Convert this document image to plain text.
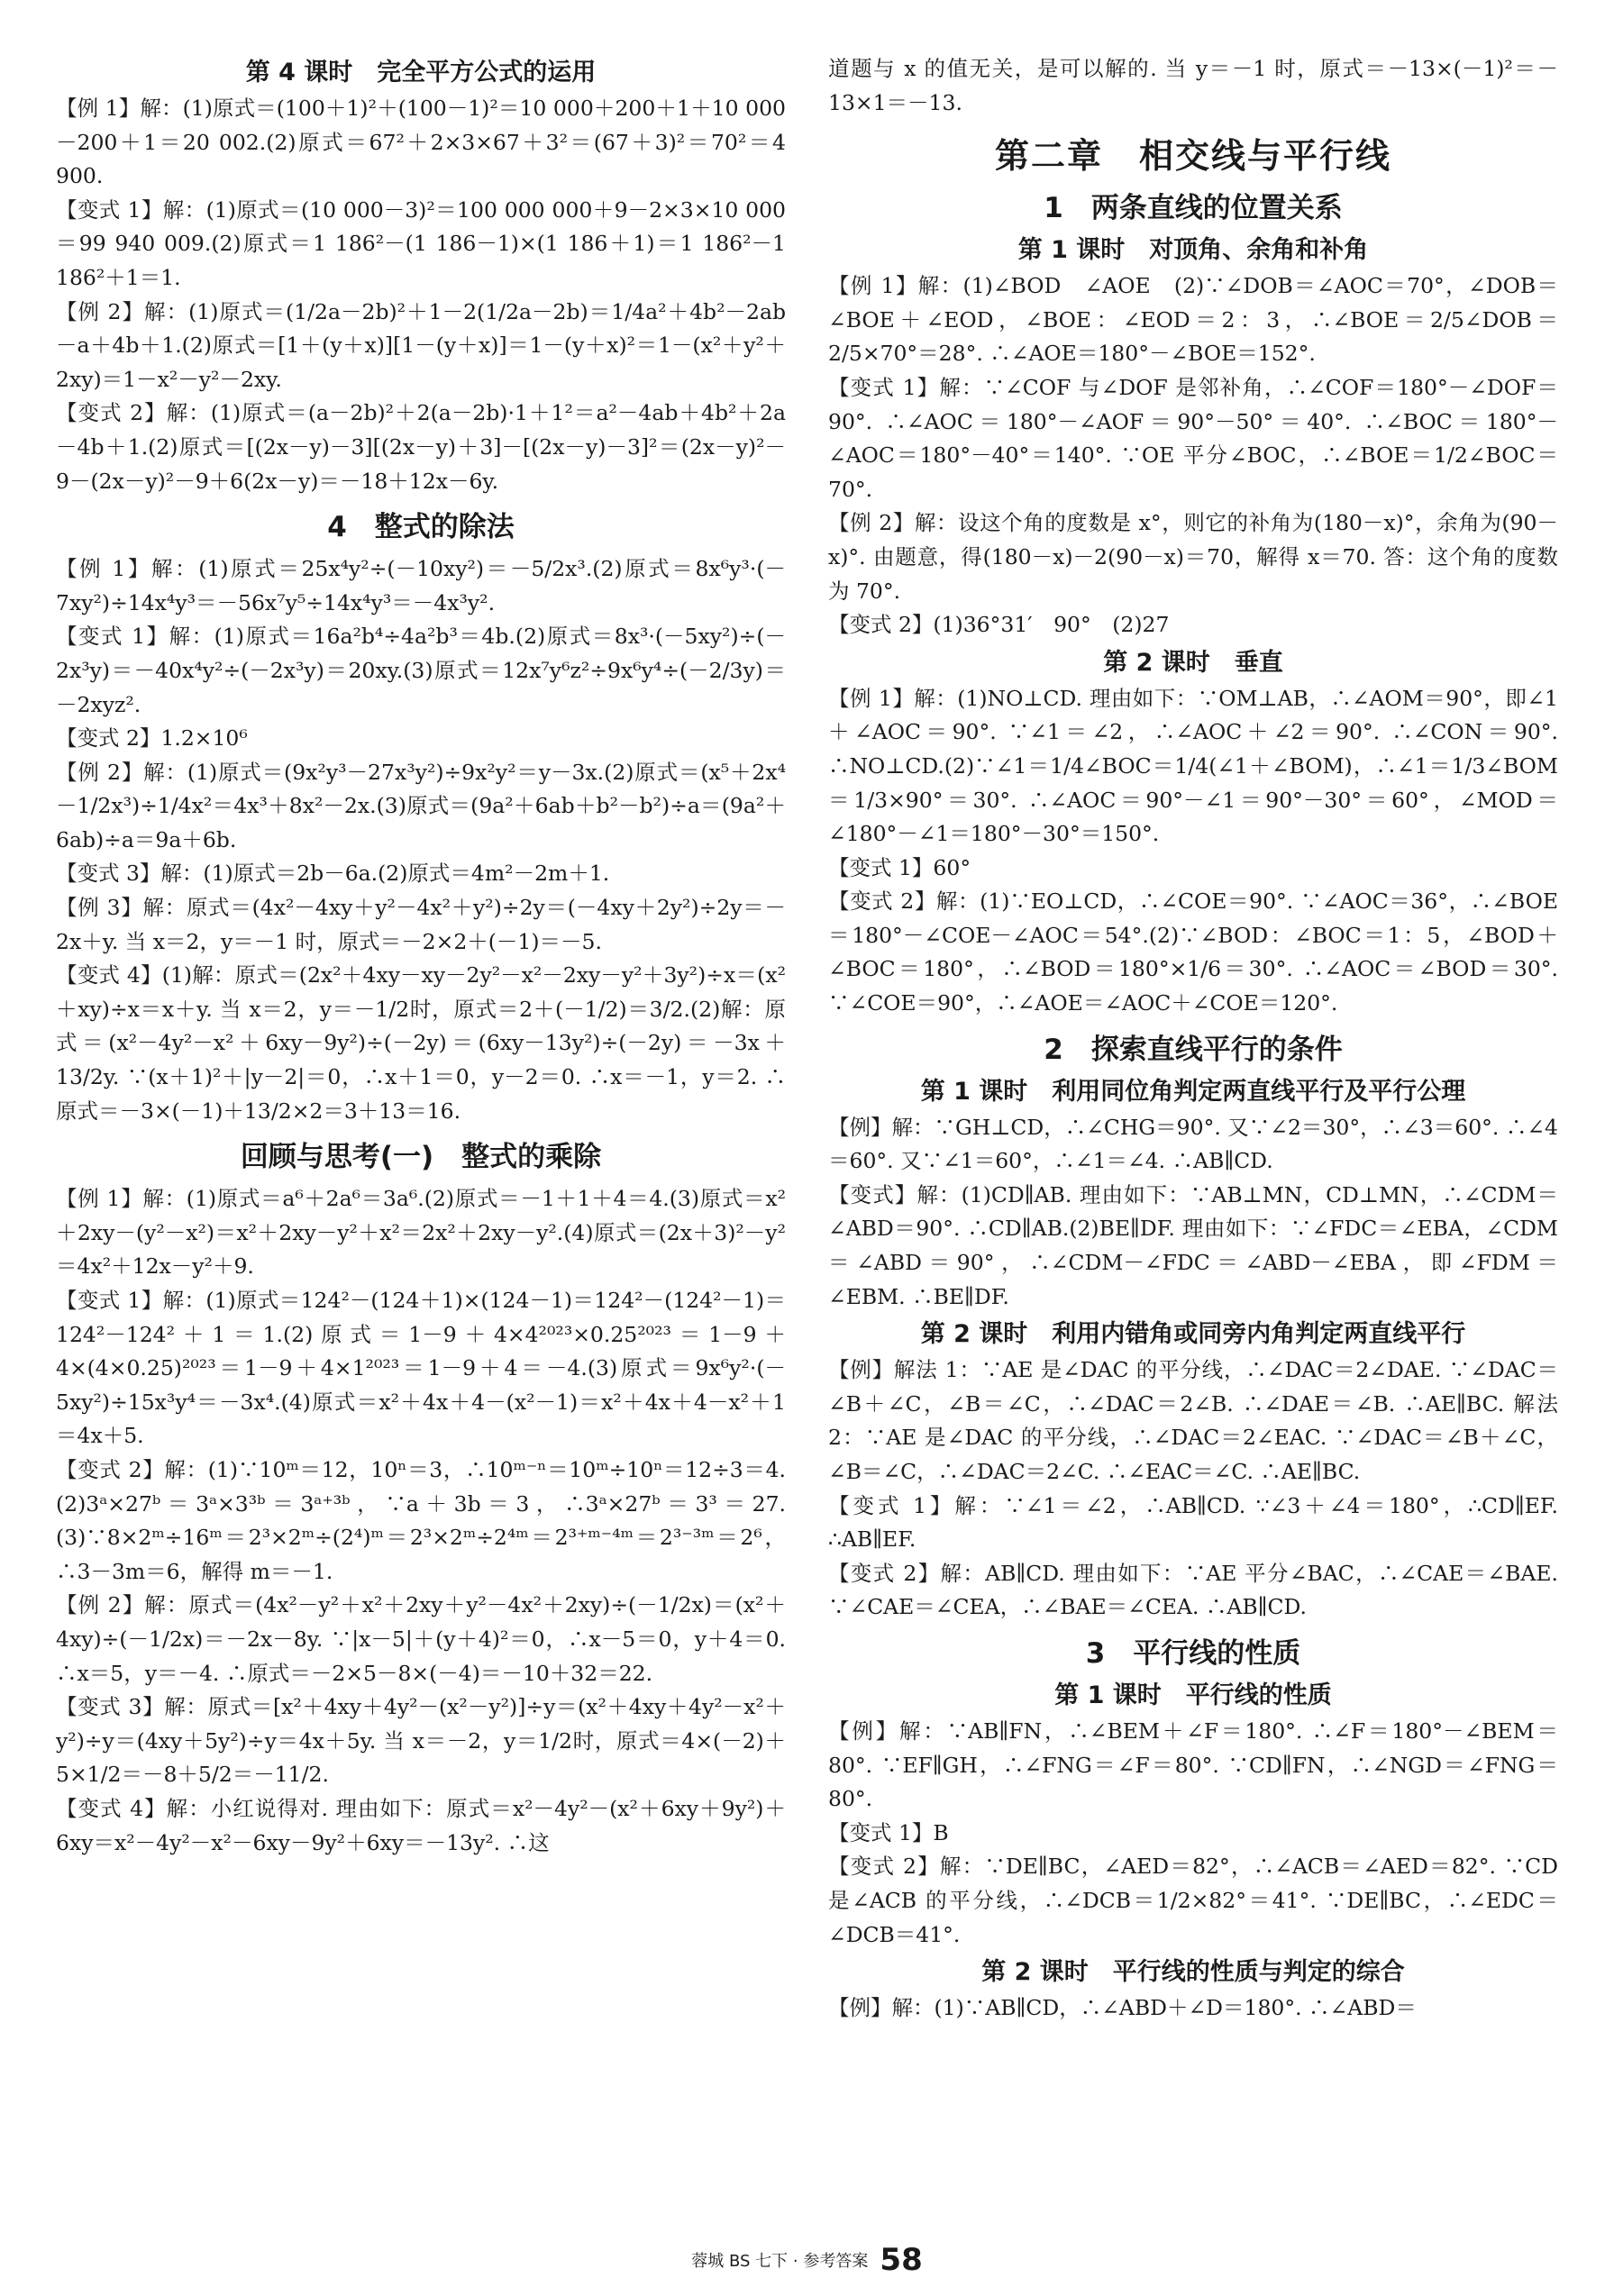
第 4 课时　完全平方公式的运用

【例 1】解：(1)原式＝(100＋1)²＋(100－1)²＝10 000＋200＋1＋10 000－200＋1＝20 002.(2)原式＝67²＋2×3×67＋3²＝(67＋3)²＝70²＝4 900.

【变式 1】解：(1)原式＝(10 000－3)²＝100 000 000＋9－2×3×10 000＝99 940 009.(2)原式＝1 186²－(1 186－1)×(1 186＋1)＝1 186²－1 186²＋1＝1.

【例 2】解：(1)原式＝(1/2a－2b)²＋1－2(1/2a－2b)＝1/4a²＋4b²－2ab－a＋4b＋1.(2)原式＝[1＋(y＋x)][1－(y＋x)]＝1－(y＋x)²＝1－(x²＋y²＋2xy)＝1－x²－y²－2xy.

【变式 2】解：(1)原式＝(a－2b)²＋2(a－2b)·1＋1²＝a²－4ab＋4b²＋2a－4b＋1.(2)原式＝[(2x－y)－3][(2x－y)＋3]－[(2x－y)－3]²＝(2x－y)²－9－(2x－y)²－9＋6(2x－y)＝－18＋12x－6y.

4　整式的除法

【例 1】解：(1)原式＝25x⁴y²÷(－10xy²)＝－5/2x³.(2)原式＝8x⁶y³·(－7xy²)÷14x⁴y³＝－56x⁷y⁵÷14x⁴y³＝－4x³y².

【变式 1】解：(1)原式＝16a²b⁴÷4a²b³＝4b.(2)原式＝8x³·(－5xy²)÷(－2x³y)＝－40x⁴y²÷(－2x³y)＝20xy.(3)原式＝12x⁷y⁶z²÷9x⁶y⁴÷(－2/3y)＝－2xyz².

【变式 2】1.2×10⁶

【例 2】解：(1)原式＝(9x²y³－27x³y²)÷9x²y²＝y－3x.(2)原式＝(x⁵＋2x⁴－1/2x³)÷1/4x²＝4x³＋8x²－2x.(3)原式＝(9a²＋6ab＋b²－b²)÷a＝(9a²＋6ab)÷a＝9a＋6b.

【变式 3】解：(1)原式＝2b－6a.(2)原式＝4m²－2m＋1.

【例 3】解：原式＝(4x²－4xy＋y²－4x²＋y²)÷2y＝(－4xy＋2y²)÷2y＝－2x＋y. 当 x＝2，y＝－1 时，原式＝－2×2＋(－1)＝－5.

【变式 4】(1)解：原式＝(2x²＋4xy－xy－2y²－x²－2xy－y²＋3y²)÷x＝(x²＋xy)÷x＝x＋y. 当 x＝2，y＝－1/2时，原式＝2＋(－1/2)＝3/2.(2)解：原式＝(x²－4y²－x²＋6xy－9y²)÷(－2y)＝(6xy－13y²)÷(－2y)＝－3x＋13/2y. ∵(x＋1)²＋|y－2|＝0，∴x＋1＝0，y－2＝0. ∴x＝－1，y＝2. ∴原式＝－3×(－1)＋13/2×2＝3＋13＝16.

回顾与思考(一)　整式的乘除

【例 1】解：(1)原式＝a⁶＋2a⁶＝3a⁶.(2)原式＝－1＋1＋4＝4.(3)原式＝x²＋2xy－(y²－x²)＝x²＋2xy－y²＋x²＝2x²＋2xy－y².(4)原式＝(2x＋3)²－y²＝4x²＋12x－y²＋9.

【变式 1】解：(1)原式＝124²－(124＋1)×(124－1)＝124²－(124²－1)＝124²－124²＋1＝1.(2)原式＝1－9＋4×4²⁰²³×0.25²⁰²³＝1－9＋4×(4×0.25)²⁰²³＝1－9＋4×1²⁰²³＝1－9＋4＝－4.(3)原式＝9x⁶y²·(－5xy²)÷15x³y⁴＝－3x⁴.(4)原式＝x²＋4x＋4－(x²－1)＝x²＋4x＋4－x²＋1＝4x＋5.

【变式 2】解：(1)∵10ᵐ＝12，10ⁿ＝3，∴10ᵐ⁻ⁿ＝10ᵐ÷10ⁿ＝12÷3＝4.(2)3ᵃ×27ᵇ＝3ᵃ×3³ᵇ＝3ᵃ⁺³ᵇ，∵a＋3b＝3，∴3ᵃ×27ᵇ＝3³＝27.(3)∵8×2ᵐ÷16ᵐ＝2³×2ᵐ÷(2⁴)ᵐ＝2³×2ᵐ÷2⁴ᵐ＝2³⁺ᵐ⁻⁴ᵐ＝2³⁻³ᵐ＝2⁶，∴3－3m＝6，解得 m＝－1.

【例 2】解：原式＝(4x²－y²＋x²＋2xy＋y²－4x²＋2xy)÷(－1/2x)＝(x²＋4xy)÷(－1/2x)＝－2x－8y. ∵|x－5|＋(y＋4)²＝0，∴x－5＝0，y＋4＝0. ∴x＝5，y＝－4. ∴原式＝－2×5－8×(－4)＝－10＋32＝22.

【变式 3】解：原式＝[x²＋4xy＋4y²－(x²－y²)]÷y＝(x²＋4xy＋4y²－x²＋y²)÷y＝(4xy＋5y²)÷y＝4x＋5y. 当 x＝－2，y＝1/2时，原式＝4×(－2)＋5×1/2＝－8＋5/2＝－11/2.

【变式 4】解：小红说得对. 理由如下：原式＝x²－4y²－(x²＋6xy＋9y²)＋6xy＝x²－4y²－x²－6xy－9y²＋6xy＝－13y². ∴这

道题与 x 的值无关，是可以解的. 当 y＝－1 时，原式＝－13×(－1)²＝－13×1＝－13.

第二章　相交线与平行线
1　两条直线的位置关系
第 1 课时　对顶角、余角和补角

【例 1】解：(1)∠BOD　∠AOE　(2)∵∠DOB＝∠AOC＝70°，∠DOB＝∠BOE＋∠EOD，∠BOE：∠EOD＝2：3，∴∠BOE＝2/5∠DOB＝2/5×70°＝28°. ∴∠AOE＝180°－∠BOE＝152°.

【变式 1】解：∵∠COF 与∠DOF 是邻补角，∴∠COF＝180°－∠DOF＝90°. ∴∠AOC＝180°－∠AOF＝90°－50°＝40°. ∴∠BOC＝180°－∠AOC＝180°－40°＝140°. ∵OE 平分∠BOC，∴∠BOE＝1/2∠BOC＝70°.

【例 2】解：设这个角的度数是 x°，则它的补角为(180－x)°，余角为(90－x)°. 由题意，得(180－x)－2(90－x)＝70，解得 x＝70. 答：这个角的度数为 70°.

【变式 2】(1)36°31′　90°　(2)27

第 2 课时　垂直

【例 1】解：(1)NO⊥CD. 理由如下：∵OM⊥AB，∴∠AOM＝90°，即∠1＋∠AOC＝90°. ∵∠1＝∠2，∴∠AOC＋∠2＝90°. ∴∠CON＝90°. ∴NO⊥CD.(2)∵∠1＝1/4∠BOC＝1/4(∠1＋∠BOM)，∴∠1＝1/3∠BOM＝1/3×90°＝30°. ∴∠AOC＝90°－∠1＝90°－30°＝60°，∠MOD＝∠180°－∠1＝180°－30°＝150°.

【变式 1】60°

【变式 2】解：(1)∵EO⊥CD，∴∠COE＝90°. ∵∠AOC＝36°，∴∠BOE＝180°－∠COE－∠AOC＝54°.(2)∵∠BOD：∠BOC＝1：5，∠BOD＋∠BOC＝180°，∴∠BOD＝180°×1/6＝30°. ∴∠AOC＝∠BOD＝30°. ∵∠COE＝90°，∴∠AOE＝∠AOC＋∠COE＝120°.

2　探索直线平行的条件
第 1 课时　利用同位角判定两直线平行及平行公理

【例】解：∵GH⊥CD，∴∠CHG＝90°. 又∵∠2＝30°，∴∠3＝60°. ∴∠4＝60°. 又∵∠1＝60°，∴∠1＝∠4. ∴AB∥CD.

【变式】解：(1)CD∥AB. 理由如下：∵AB⊥MN，CD⊥MN，∴∠CDM＝∠ABD＝90°. ∴CD∥AB.(2)BE∥DF. 理由如下：∵∠FDC＝∠EBA，∠CDM＝∠ABD＝90°，∴∠CDM－∠FDC＝∠ABD－∠EBA，即∠FDM＝∠EBM. ∴BE∥DF.

第 2 课时　利用内错角或同旁内角判定两直线平行

【例】解法 1：∵AE 是∠DAC 的平分线，∴∠DAC＝2∠DAE. ∵∠DAC＝∠B＋∠C，∠B＝∠C，∴∠DAC＝2∠B. ∴∠DAE＝∠B. ∴AE∥BC. 解法 2：∵AE 是∠DAC 的平分线，∴∠DAC＝2∠EAC. ∵∠DAC＝∠B＋∠C，∠B＝∠C，∴∠DAC＝2∠C. ∴∠EAC＝∠C. ∴AE∥BC.

【变式 1】解：∵∠1＝∠2，∴AB∥CD. ∵∠3＋∠4＝180°，∴CD∥EF. ∴AB∥EF.

【变式 2】解：AB∥CD. 理由如下：∵AE 平分∠BAC，∴∠CAE＝∠BAE. ∵∠CAE＝∠CEA，∴∠BAE＝∠CEA. ∴AB∥CD.

3　平行线的性质
第 1 课时　平行线的性质

【例】解：∵AB∥FN，∴∠BEM＋∠F＝180°. ∴∠F＝180°－∠BEM＝80°. ∵EF∥GH，∴∠FNG＝∠F＝80°. ∵CD∥FN，∴∠NGD＝∠FNG＝80°.

【变式 1】B

【变式 2】解：∵DE∥BC，∠AED＝82°，∴∠ACB＝∠AED＝82°. ∵CD 是∠ACB 的平分线，∴∠DCB＝1/2×82°＝41°. ∵DE∥BC，∴∠EDC＝∠DCB＝41°.

第 2 课时　平行线的性质与判定的综合

【例】解：(1)∵AB∥CD，∴∠ABD＋∠D＝180°. ∴∠ABD＝

蓉城 BS 七下 · 参考答案 58
